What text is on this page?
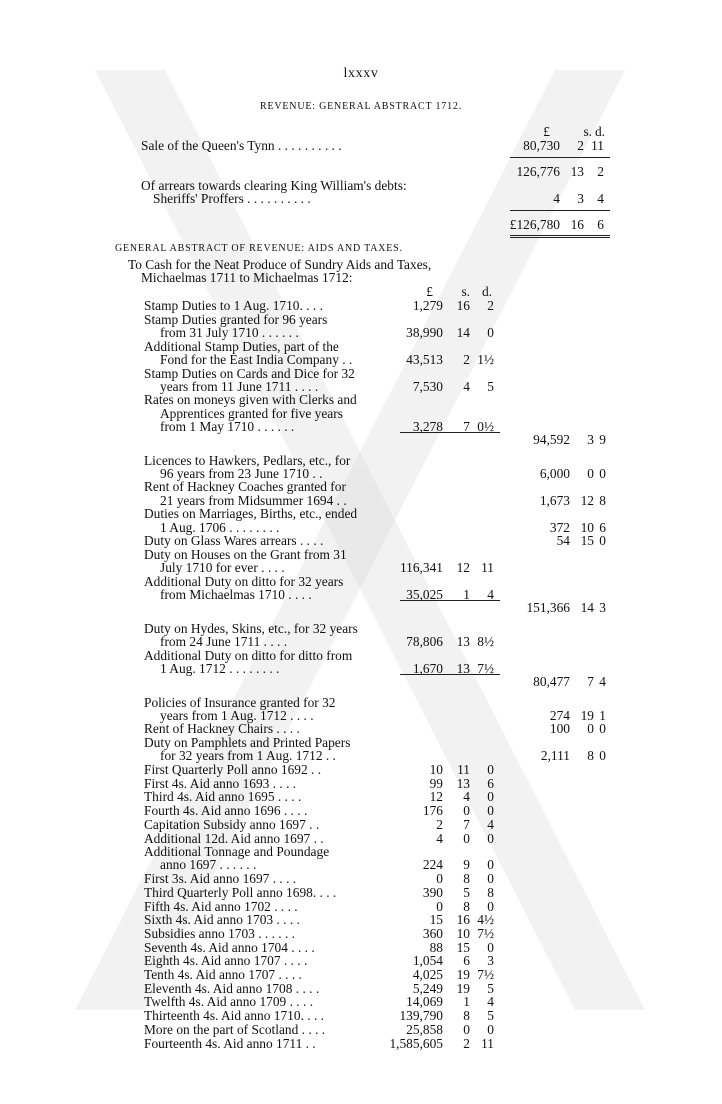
lxxxv
REVENUE: GENERAL ABSTRACT 1712.
£	s. d.
Sale of the Queen's Tynn . . . . . . . . . .	80,730	2 11
126,776 13 2
Of arrears towards clearing King William's debts:
Sheriffs' Proffers . . . . . . . . . .	4	3 4
£126,780 16 6
GENERAL ABSTRACT OF REVENUE: AIDS AND TAXES.
To Cash for the Neat Produce of Sundry Aids and Taxes,
Michaelmas 1711 to Michaelmas 1712:
£	s. d.
Stamp Duties to 1 Aug. 1710. . . .	1,279	16	2
Stamp Duties granted for 96 years
from 31 July 1710 . . . . . .	38,990	14	0
Additional Stamp Duties, part of the
Fond for the East India Company . .	43,513	2 1½
Stamp Duties on Cards and Dice for 32
years from 11 June 1711 . . . .	7,530	4	5
Rates on moneys given with Clerks and
Apprentices granted for five years
from 1 May 1710 . . . . . .	3,278	7 0½
94,592	3 9
Licences to Hawkers, Pedlars, etc., for
96 years from 23 June 1710 . .	6,000	0 0
Rent of Hackney Coaches granted for
21 years from Midsummer 1694 . .	1,673 12 8
Duties on Marriages, Births, etc., ended
1 Aug. 1706 . . . . . . . .	372 10 6
Duty on Glass Wares arrears . . . .	54 15 0
Duty on Houses on the Grant from 31
July 1710 for ever . . . .	116,341	12 11
Additional Duty on ditto for 32 years
from Michaelmas 1710 . . . .	35,025	1	4
151,366 14 3
Duty on Hydes, Skins, etc., for 32 years
from 24 June 1711 . . . .	78,806	13 8½
Additional Duty on ditto for ditto from
1 Aug. 1712 . . . . . . . .	1,670	13 7½
80,477	7 4
Policies of Insurance granted for 32
years from 1 Aug. 1712 . . . .	274 19 1
Rent of Hackney Chairs . . . .	100	0 0
Duty on Pamphlets and Printed Papers
for 32 years from 1 Aug. 1712 . .	2,111	8 0
First Quarterly Poll anno 1692 . .	10	11	0
First 4s. Aid anno 1693 . . . .	99	13	6
Third 4s. Aid anno 1695 . . . .	12	4	0
Fourth 4s. Aid anno 1696 . . . .	176	0	0
Capitation Subsidy anno 1697 . .	2	7	4
Additional 12d. Aid anno 1697 . .	4	0	0
Additional Tonnage and Poundage
anno 1697 . . . . . .	224	9	0
First 3s. Aid anno 1697 . . . .	0	8	0
Third Quarterly Poll anno 1698. . . .	390	5	8
Fifth 4s. Aid anno 1702 . . . .	0	8	0
Sixth 4s. Aid anno 1703 . . . .	15	16 4½
Subsidies anno 1703 . . . . . .	360	10 7½
Seventh 4s. Aid anno 1704 . . . .	88	15	0
Eighth 4s. Aid anno 1707 . . . .	1,054	6	3
Tenth 4s. Aid anno 1707 . . . .	4,025	19 7½
Eleventh 4s. Aid anno 1708 . . . .	5,249	19	5
Twelfth 4s. Aid anno 1709 . . . .	14,069	1	4
Thirteenth 4s. Aid anno 1710. . . .	139,790	8	5
More on the part of Scotland . . . .	25,858	0	0
Fourteenth 4s. Aid anno 1711 . .	1,585,605	2 11
